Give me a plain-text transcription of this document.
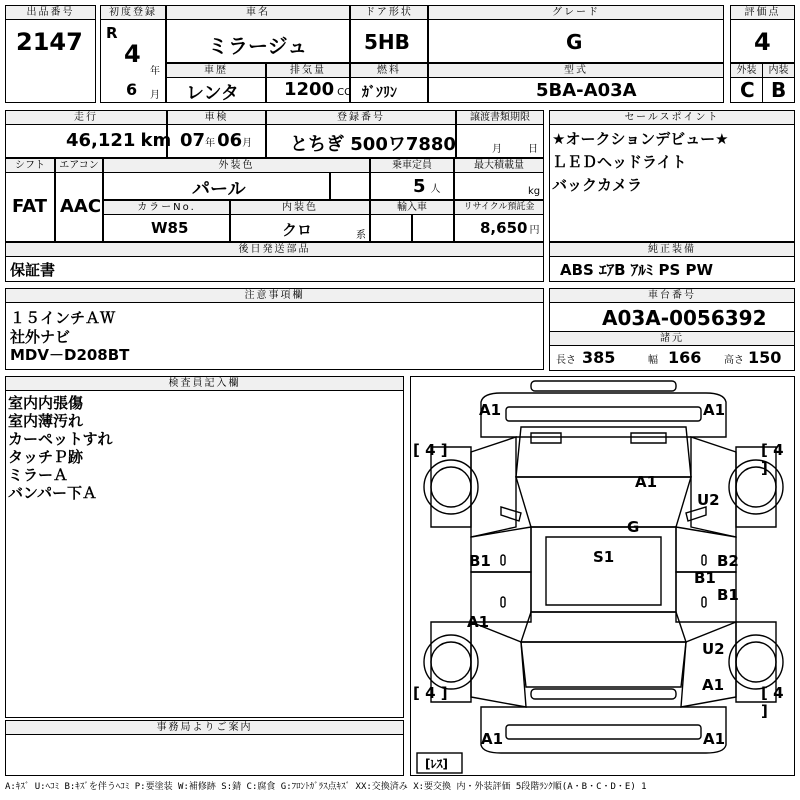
出品番号
2147
初度登録
R
4
年
6 月
車名
ミラージュ
ドア形状
5HB
グレード
G
評価点
4
車歴
レンタ
排気量
1200 CC
燃料
ｶﾞｿﾘﾝ
型式
5BA-A03A
外装	内装
C B
走行
46,121 km
車検
07年 06月
登録番号
とちぎ 500ワ7880
譲渡書類期限
月	日
セールスポイント
★オークションデビュー★
ＬＥＤヘッドライト
バックカメラ
シフト
FAT
エアコン
AAC
外装色
パール
乗車定員
5 人
最大積載量
kg
カラーNo.
W85
内装色
クロ	系
輸入車	リサイクル預託金
8,650 円
後日発送部品
保証書
純正装備
ABS ｴｱB ｱﾙﾐ PS PW
注意事項欄
１５インチＡＷ
社外ナビ
MDV－D208BT
車台番号
A03A-0056392
諸元
長さ 385	幅 166 高さ 150
検査員記入欄
室内内張傷
室内薄汚れ
カーペットすれ
タッチＰ跡
ミラーＡ
バンパー下Ａ
事務局よりご案内
A1	A1
[ 4 ]	[ 4 ]
A1
U2
G
B1	S1	B2
B1
B1
A1
U2
A1
[ 4 ]	[ 4 ]
A1	A1
[ﾚｽ]
A:ｷｽﾞ U:ﾍｺﾐ B:ｷｽﾞを伴うﾍｺﾐ P:要塗装 W:補修跡 S:錆 C:腐食 G:ﾌﾛﾝﾄｶﾞﾗｽ点ｷｽﾞ XX:交換済み X:要交換 内・外装評価 5段階ﾗﾝｸ順(A・B・C・D・E) 1
